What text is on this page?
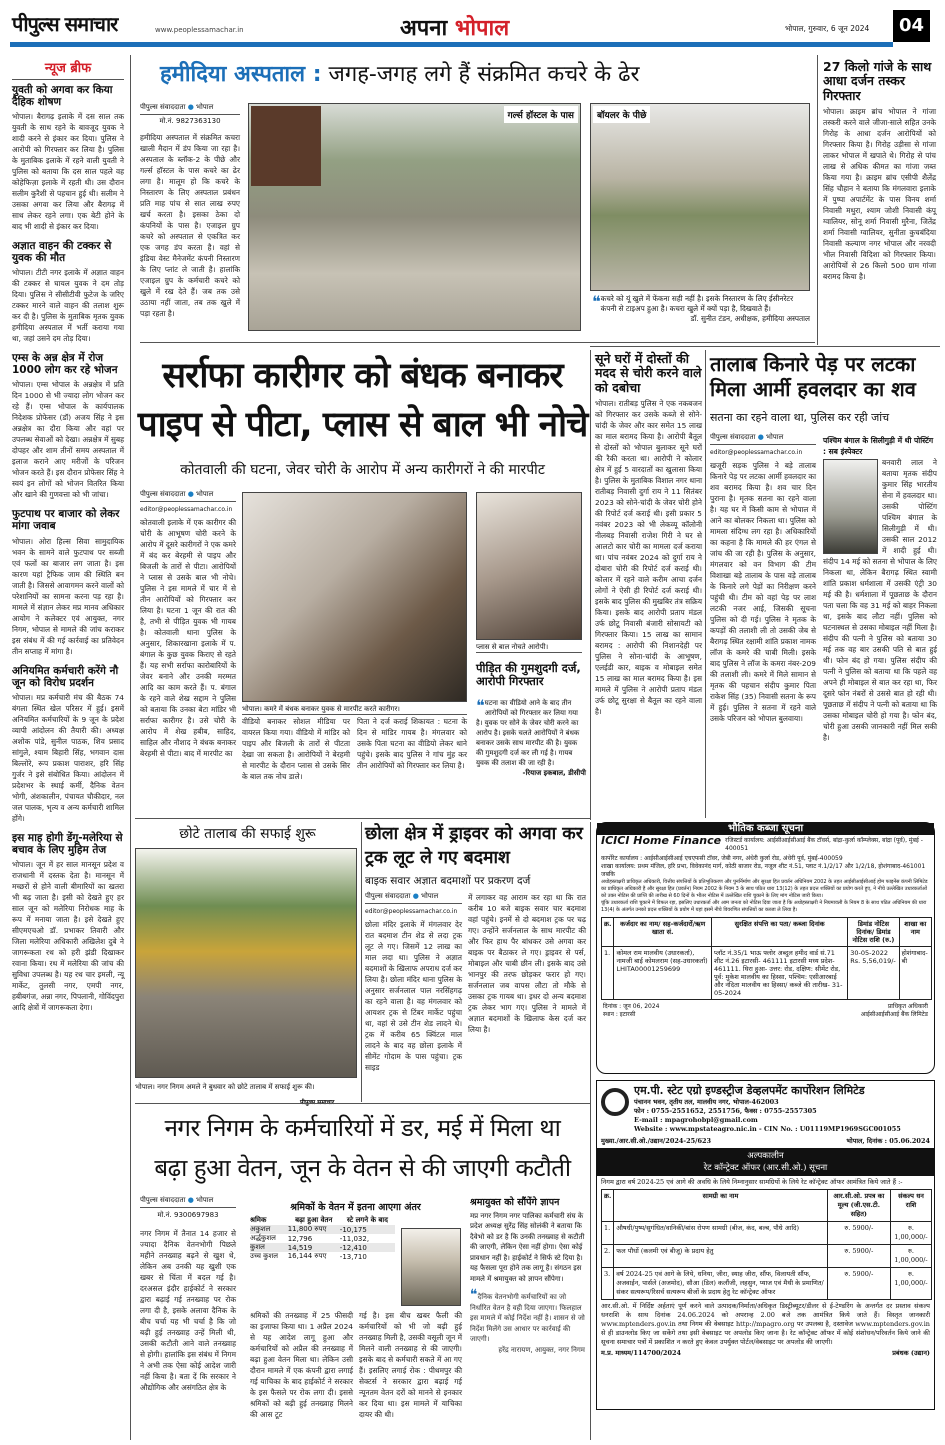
पीपुल्स समाचार	www.peoplessamachar.in	अपना भोपाल	भोपाल, गुरुवार, 6 जून 2024	04
न्यूज ब्रीफ
युवती को अगवा कर किया दैहिक शोषण
भोपाल। बैरागढ़ इलाके में दस साल तक युवती के साथ रहने के बावजूद युवक ने शादी करने से इंकार कर दिया। पुलिस ने आरोपी को गिरफ्तार कर लिया है। पुलिस के मुताबिक इलाके में रहने वाली युवती ने पुलिस को बताया कि दस साल पहले वह कोहेफिज़ा इलाके में रहती थी। उस दौरान सलीम कुरैशी से पहचान हुई थी। सलीम ने उसका अगवा कर लिया और बैरागढ़ में साथ लेकर रहने लगा। एक बेटी होने के बाद भी शादी से इंकार कर दिया।
अज्ञात वाहन की टक्कर से युवक की मौत
भोपाल। टीटी नगर इलाके में अज्ञात वाहन की टक्कर से घायल युवक ने दम तोड़ दिया। पुलिस ने सीसीटीवी फुटेज के जरिए टक्कर मारने वाले वाहन की तलाश शुरू कर दी है। पुलिस के मुताबिक मृतक युवक हमीदिया अस्पताल में भर्ती कराया गया था, जहां उसने दम तोड़ दिया।
एम्स के अन्न क्षेत्र में रोज 1000 लोग कर रहे भोजन
भोपाल। एम्स भोपाल के अन्नक्षेत्र में प्रति दिन 1000 से भी ज्यादा लोग भोजन कर रहे हैं। एम्स भोपाल के कार्यपालक निदेशक प्रोफेसर (डॉ) अजय सिंह ने इस अन्नक्षेत्र का दौरा किया और वहां पर उपलब्ध सेवाओं को देखा। अन्नक्षेत्र में सुबह दोपहर और शाम तीनों समय अस्पताल में इलाज कराने आए मरीजों के परिजन भोजन करते हैं। इस दौरान प्रोफेसर सिंह ने स्वयं इन लोगों को भोजन वितरित किया और खाने की गुणवत्ता को भी जांचा।
फुटपाथ पर बाजार को लेकर मांगा जवाब
भोपाल। ओरा हिल्स सिवा सामुदायिक भवन के सामने वाले फुटपाथ पर सब्जी एवं फलों का बाजार लग जाता है। इस कारण यहां ट्रैफिक जाम की स्थिति बन जाती है। जिससे आवागमन करने वालों को परेशानियों का सामना करना पड़ रहा है। मामले में संज्ञान लेकर मप्र मानव अधिकार आयोग ने कलेक्टर एवं आयुक्त, नगर निगम, भोपाल से मामले की जांच कराकर इस संबंध में की गई कार्रवाई का प्रतिवेदन तीन सप्ताह में मांगा है।
अनियमित कर्मचारी करेंगे नौ जून को विरोध प्रदर्शन
भोपाल। मप्र कर्मचारी मंच की बैठक 74 बंगला स्थित खेल परिसर में हुई। इसमें अनियमित कर्मचारियों के 9 जून के प्रदेश व्यापी आंदोलन की तैयारी की। अध्यक्ष अशोक पांडे, सुनील पाठक, शिव प्रसाद सांगुले, श्याम बिहारी सिंह, भगवान दास बिल्लोरे, रूप प्रकाश पाराशर, हरि सिंह गुर्जर ने इसे संबोधित किया। आंदोलन में प्रदेशभर के स्थाई कर्मी, दैनिक वेतन भोगी, अंशकालीन, पंचायत चौकीदार, नल जल पालक, भृत्य व अन्य कर्मचारी शामिल होंगे।
इस माह होगी डेंगू-मलेरिया से बचाव के लिए मुहिम तेज
भोपाल। जून में हर साल मानसून प्रदेश व राजधानी में दस्तक देता है। मानसून में मच्छरों से होने वाली बीमारियों का खतरा भी बढ़ जाता है। इसी को देखते हुए हर साल जून को मलेरिया निरोधक माह के रूप में मनाया जाता है। इसे देखते हुए सीएमएचओ डॉ. प्रभाकर तिवारी और जिला मलेरिया अधिकारी अखिलेश दुबे ने जागरूकता रथ को हरी झंडी दिखाकर रवाना किया। रथ में मलेरिया की जांच की सुविधा उपलब्ध है। यह रथ चार इमली, न्यू मार्केट, तुलसी नगर, एमपी नगर, हबीबगंज, अन्ना नगर, पिपलानी, गोविंदपुरा आदि क्षेत्रों में जागरूकता देगा।
हमीदिया अस्पताल : जगह-जगह लगे हैं संक्रमित कचरे के ढेर
पीपुल्स संवाददाता ● भोपाल
मो.नं. 9827363130
हमीदिया अस्पताल में संक्रमित कचरा खाली मैदान में डंप किया जा रहा है। अस्पताल के ब्लॉक-2 के पीछे और गर्ल्स हॉस्टल के पास कचरे का ढेर लगा है। मालूम हो कि कचरे के निस्तारण के लिए अस्पताल प्रबंधन प्रति माह पांच से सात लाख रुपए खर्च करता है। इसका ठेका दो कंपनियों के पास है। एजाइल ग्रुप कचरे को अस्पताल से एकत्रित कर एक जगह डंप करता है। वहां से इंडिया वेस्ट मैनेजमेंट कंपनी निस्तारण के लिए प्लांट ले जाती है। हालांकि एजाइल ग्रुप के कर्मचारी कचरे को खुले में रख देते हैं। जब तक उसे उठाया नहीं जाता, तब तक खुले में पड़ा रहता है।
गर्ल्स हॉस्टल के पास	बॉयलर के पीछे
❝ कचरे को यूं खुले में फेंकना सही नहीं है। इसके निस्तारण के लिए ईसीनरेटर कंपनी से टाइअप हुआ है। कचरा खुले में क्यों पड़ा है, दिखवाते हैं।
डॉ. सुनीत टंडन, अधीक्षक, हमीदिया अस्पताल
27 किलो गांजे के साथ आधा दर्जन तस्कर गिरफ्तार
भोपाल। क्राइम ब्रांच भोपाल ने गांजा तस्करी करने वाले जीजा-साले सहित उनके गिरोह के आधा दर्जन आरोपियों को गिरफ्तार किया है। गिरोह उड़ीसा से गांजा लाकर भोपाल में खपाते थे। गिरोह से पांच लाख से अधिक कीमत का गांजा जब्त किया गया है। क्राइम ब्रांच एसीपी शैलेंद्र सिंह चौहान ने बताया कि मंगलवारा इलाके में पुष्पा अपार्टमेंट के पास विनय शर्मा निवासी मथुरा, श्याम जोशी निवासी कंपू ग्वालियर, सोनू शर्मा निवासी मुरैना, जितेंद्र शर्मा निवासी ग्वालियर, सुनीता कुचबंदिया निवासी कल्याण नगर भोपाल और नरवदी भील निवासी विदिशा को गिरफ्तार किया। आरोपियों से 26 किलो 500 ग्राम गांजा बरामद किया है।
सर्राफा कारीगर को बंधक बनाकर
पाइप से पीटा, प्लास से बाल भी नोचे
कोतवाली की घटना, जेवर चोरी के आरोप में अन्य कारीगरों ने की मारपीट
पीपुल्स संवाददाता ● भोपाल
editor@peoplessamachar.co.in
कोतवाली इलाके में एक कारीगर की चोरी के आभूषण चोरी करने के आरोप में दूसरे कारीगरों ने एक कमरे में बंद कर बेरहमी से पाइप और बिजली के तारों से पीटा। आरोपियों ने प्लास से उसके बाल भी नोचे। पुलिस ने इस मामले में चार में से तीन आरोपियों को गिरफ्तार कर लिया है। घटना 1 जून की रात की है, तभी से पीड़ित युवक भी गायब है। कोतवाली थाना पुलिस के अनुसार, शिकारखाना इलाके में प. बंगाल के कुछ युवक किराए से रहते हैं। यह सभी सर्राफा कारोबारियों के जेवर बनाने और उनकी मरम्मत आदि का काम करते हैं। प. बंगाल के रहने वाले शेख सद्दाम ने पुलिस को बताया कि उनका बेटा मांडिर भी सर्राफा कारीगर है। उसे चोरी के आरोप में शेख हबीब, साहिद, साहिल और नौशाद ने बंधक बनाकर बेरहमी से पीटा। बाद में मारपीट का
भोपाल। कमरे में बंधक बनाकर युवक से मारपीट करते कारीगर।
वीडियो बनाकर सोशल मीडिया पर वायरल किया गया। वीडियो में मांडिर को पाइप और बिजली के तारों से पीटता देखा जा सकता है। आरोपियों ने बेरहमी से मारपीट के दौरान प्लास से उसके सिर के बाल तक नोच डाले।
पिता ने दर्ज कराई शिकायत : घटना के दिन से मांडिर गायब है। मंगलवार को उसके पिता घटना का वीडियो लेकर थाने पहुंचे। इसके बाद पुलिस ने गांच मुंह कर तीन आरोपियों को गिरफ्तार कर लिया है।
प्लास से बाल नोचते आरोपी।
पीड़ित की गुमशुदगी दर्ज, आरोपी गिरफ्तार
❝ घटना का वीडियो आने के बाद तीन आरोपियों को गिरफ्तार कर लिया गया है। युवक पर सोने के जेवर चोरी करने का आरोप है। इसके चलते आरोपियों ने बंधक बनाकर उसके साथ मारपीट की है। युवक की गुमशुदगी दर्ज कर ली गई है। गायब युवक की तलाश की जा रही है।
-रियाज इकबाल, डीसीपी
सूने घरों में दोस्तों की मदद से चोरी करने वाले को दबोचा
भोपाल। रातीबड़ पुलिस ने एक नकबजन को गिरफ्तार कर उसके कब्जे से सोने-चांदी के जेवर और कार समेत 15 लाख का माल बरामद किया है। आरोपी बैतूल से दोस्तों को भोपाल बुलाकर सूने घरों की रैकी करता था। आरोपी ने कोलार क्षेत्र में हुई 5 वारदातों का खुलासा किया है। पुलिस के मुताबिक विशाल नगर थाना रातीबड़ निवासी दुर्गा राय ने 11 सितंबर 2023 को सोने-चांदी के जेवर चोरी होने की रिपोर्ट दर्ज कराई थी। इसी प्रकार 5 नवंबर 2023 को भी लेकव्यू कॉलोनी नीलबड़ निवासी राजेश गिरी ने घर से आलटो कार चोरी का मामला दर्ज कराया था। पांच नवंबर 2024 को दुर्गा राय ने दोबारा चोरी की रिपोर्ट दर्ज कराई थी। कोलार में रहने वाले करीम आचा दर्जन लोगों ने ऐसी ही रिपोर्ट दर्ज कराई थी। इसके बाद पुलिस की मुखबिर तंत्र सक्रिय किया। इसके बाद आरोपी प्रताप मंडल उर्फ छोटू निवासी बंजारी सोसायटी को गिरफ्तार किया। 15 लाख का सामान बरामद : आरोपी की निशानदेही पर पुलिस ने सोना-चांदी के आभूषण, एलईडी कार, बाइक व मोबाइल समेत 15 लाख का माल बरामद किया है। इस मामले में पुलिस ने आरोपी प्रताप मंडल उर्फ छोटू सुरक्षा से बैतूल का रहने वाला है।
तालाब किनारे पेड़ पर लटका मिला आर्मी हवलदार का शव
सतना का रहने वाला था, पुलिस कर रही जांच
पीपुल्स संवाददाता ● भोपाल
editor@peoplessamachar.co.in
खजूरी सड़क पुलिस ने बड़े तालाब किनारे पेड़ पर लटका आर्मी हवलदार का शव बरामद किया है। शव चार दिन पुराना है। मृतक सतना का रहने वाला है। यह घर में किसी काम से भोपाल में आने का बोलकर निकला था। पुलिस को मामला संदिग्ध लग रहा है। अधिकारियों का कहना है कि मामले की हर एंगल से जांच की जा रही है। पुलिस के अनुसार, मंगलवार को वन विभाग की टीम विशाखा बड़े तालाब के पास वड़े तालाब के किनारे लगे पेड़ों का निरीक्षण करने पहुंची थी। टीम को वहां पेड़ पर लाश लटकी नजर आई, जिसकी सूचना पुलिस को दी गई। पुलिस ने मृतक के कपड़ों की तलाशी ली तो उसकी जेब से बैरागढ़ स्थित रक्षामी शांति प्रकाश नामक लॉज के कमरे की चाबी मिली। इसके बाद पुलिस ने लॉज के कमरा नंबर-209 की तलाशी ली। कमरे में मिले सामान से मृतक की पहचान संदीप कुमार पिता राकेश सिंह (35) निवासी सतना के रूप में हुई। पुलिस ने सतना में रहने वाले उसके परिजन को भोपाल बुलवाया।
पश्चिम बंगाल के सिलीगुड़ी में थी पोस्टिंग : सब इंस्पेक्टर
बनवारी लाल ने बताया मृतक संदीप कुमार सिंह भारतीय सेना में हवलदार था। उसकी पोस्टिंग पश्चिम बंगाल के सिलीगुड़ी में थी। उसकी साल 2012 में शादी हुई थी। संदीप 14 मई को सतना से भोपाल के लिए निकला था, लेकिन बैरागढ़ स्थित स्वामी शांति प्रकाश धर्मशाला में उसकी एंट्री 30 मई की है। धर्मशाला में पूछताछ के दौरान पता चला कि वह 31 मई को बाहर निकला था, इसके बाद लौटा नहीं। पुलिस को घटनास्थल से उसका मोबाइल नहीं मिला है। संदीप की पत्नी ने पुलिस को बताया 30 मई तक वह बार उसकी पति से बात हुई थी। फोन बंद हो गया। पुलिस संदीप की पत्नी ने पुलिस को बताया था कि पहले वह अपने ही मोबाइल से बात कर रहा था, फिर दूसरे फोन नंबरों से उससे बात हो रही थी। पूछताछ में संदीप ने पत्नी को बताया था कि उसका मोबाइल चोरी हो गया है। फोन बंद, चोरी हुआ उसकी जानकारी नहीं मिल सकी है।
छोटे तालाब की सफाई शुरू
भोपाल। नगर निगम अमले ने बुधवार को छोटे तालाब में सफाई शुरू की।
छोला क्षेत्र में ड्राइवर को अगवा कर ट्रक लूट ले गए बदमाश
बाइक सवार अज्ञात बदमाशों पर प्रकरण दर्ज
पीपुल्स संवाददाता ● भोपाल
editor@peoplessamachar.co.in
छोला मंदिर इलाके में मंगलवार देर रात बदमाश टीन शेड से लदा ट्रक लूट ले गए। जिसमें 12 लाख का माल लदा था। पुलिस ने अज्ञात बदमाशों के खिलाफ अपराध दर्ज कर लिया है। छोला मंदिर थाना पुलिस के अनुसार सर्जनलाल पाल नरसिंहगढ़ का रहने वाला है। वह मंगलवार को आयशर ट्रक से टिंबर मार्केट पहुंचा था, वहां से उसे टीन शेड लादने थे। ट्रक में करीब 65 क्विंटल माल लादने के बाद वह छोला इलाके में सीमेंट गोदाम के पास पहुंचा। ट्रक साइड
में लगाकर वह आराम कर रहा था कि रात करीब 10 बजे बाइक सवार चार बदमाश वहां पहुंचे। इनमें से दो बदमाश ट्रक पर चढ़ गए। उन्होंने सर्जनलाल के साथ मारपीट की और फिर हाथ पैर बांधकर उसे अगवा कर बाइक पर बैठाकर ले गए। ड्राइवर से पर्स, मोबाइल और चाबी छीन ली। इसके बाद उसे भानपुर की तरफ छोड़कर फरार हो गए। सर्जनलाल जब वापस लौटा तो मौके से उसका ट्रक गायब था। इधर दो अन्य बदमाश ट्रक लेकर भाग गए। पुलिस ने मामले में अज्ञात बदमाशों के खिलाफ केस दर्ज कर लिया है।
नगर निगम के कर्मचारियों में डर, मई में मिला था
बढ़ा हुआ वेतन, जून के वेतन से की जाएगी कटौती
पीपुल्स संवाददाता ● भोपाल
मो.नं. 9300697983
नगर निगम में तैनात 14 हजार से ज्यादा दैनिक वेतनभोगी पिछले महीने तनख्वाह बढ़ने से खुश थे, लेकिन अब उनकी यह खुशी एक खबर से चिंता में बदल गई है। दरअसल इंदौर हाईकोर्ट ने सरकार द्वारा बढ़ाई गई तनख्वाह पर रोक लगा दी है, इसके अलावा दैनिक के बीच चर्चा यह भी चर्चा है कि जो बढ़ी हुई तनख्वाह उन्हें मिली थी, उसकी कटौती आने वाले तनख्वाह से होगी। हालांकि इस संबंध में निगम ने अभी तक ऐसा कोई आदेश जारी नहीं किया है। बता दें कि सरकार ने औद्योगिक और असंगठित क्षेत्र के
श्रमिकों के वेतन में इतना आएगा अंतर
श्रमिक	बढ़ा हुआ वेतन	स्टे लगने के बाद
अकुशल	11,800 रुपए	-10,175
अर्द्धकुशल	12,796	-11,032,
कुशल	14,519	-12,410
उच्च कुशल	16,144 रुपए	-13,710
श्रमिकों की तनख्वाह में 25 फीसदी का इजाफा किया था। 1 अप्रैल 2024 से यह आदेश लागू हुआ और कर्मचारियों को अप्रैल की तनख्वाह में बढ़ा हुआ वेतन मिला था। लेकिन उसी दौरान मामले में एक कंपनी द्वारा लगाई गई याचिका के बाद हाईकोर्ट ने सरकार के इस फैसले पर रोक लगा दी। इससे श्रमिकों को बढ़ी हुई तनख्वाह मिलने की आस टूट
गई है। इस बीच खबर फैली की कर्मचारियों को भी जो बढ़ी हुई तनख्वाह मिली है, उसकी वसूली जून में मिलने वाली तनख्वाह से की जाएगी। इसके बाद से कर्मचारी सकते में आ गए हैं। इसलिए लगाई रोक : पीथमपुर की सेक्टर्स ने सरकार द्वारा बढ़ाई गई न्यूनतम वेतन दरों को मानने से इनकार कर दिया था। इस मामले में याचिका दायर की थी।
श्रमायुक्त को सौंपेंगे ज्ञापन
मप्र नगर निगम नगर पालिका कर्मचारी संघ के प्रदेश अध्यक्ष सुरेंद्र सिंह सोलंकी ने बताया कि दैवेभो को डर है कि उनकी तनख्वाह से कटौती की जाएगी, लेकिन ऐसा नहीं होगा। ऐसा कोई प्रावधान नहीं है। हाईकोर्ट ने सिर्फ स्टे दिया है। यह फैसला पूरा होने तक लागू है। संगठन इस मामले में श्रमायुक्त को ज्ञापन सौंपेगा।
❝दैनिक वेतनभोगी कर्मचारियों का जो निर्धारित वेतन है वही दिया जाएगा। फिलहाल इस मामले में कोई निर्देश नहीं है। शासन से जो निर्देश मिलेंगे उस आधार पर कार्रवाई की जाएगी।
हरेंद्र नारायण, आयुक्त, नगर निगम
भौतिक कब्जा सूचना
ICICI Home Finance रजिस्टर्ड कार्यालय: आईसीआईसीआई बैंक टॉवर्स, बांद्रा-कुर्ला कॉम्प्लेक्स, बांद्रा (पूर्व), मुंबई - 400051
कार्पोरेट कार्यालय : आईसीआईसीआई एचएफसी टॉवर, जेबी नगर, अंधेरी कुर्ला रोड, अंधेरी पूर्व, मुंबई-400059
शाखा कार्यालय: प्रथम मंजिल, हरि प्रभा, विवेकानंद मार्ग, कोठी बाजार रोड, नजूल शीट नं.51, प्लाट नं.1/2/17 और 1/2/18, होशंगाबाद-461001
जबकि
अधोहस्ताक्षरी प्राधिकृत अधिकारी, वित्तीय संपत्तियों के प्रतिभूतिकरण और पुनर्निर्माण और सुरक्षा हित प्रवर्तन अधिनियम 2002 के तहत आईसीआईसीआई होम फाइनेंस कंपनी लिमिटेड का प्राधिकृत अधिकारी है और सुरक्षा हित (प्रवर्तन) नियम 2002 के नियम 3 के साथ पठित धारा 13(12) के तहत प्रदत्त शक्तियों का प्रयोग करते हुए, ने नीचे उल्लेखित उधारकर्ताओं को उक्त नोटिस की प्राप्ति की तारीख से 60 दिनों के भीतर नोटिस में उल्लेखित राशि चुकाने के लिए मांग नोटिस जारी किया।
चूंकि उधारकर्ता राशि चुकाने में विफल रहा, इसलिए उधारकर्ता और आम जनता को नोटिस दिया जाता है कि अधोहस्ताक्षरी ने नियमावली के नियम 8 के साथ पठित अधिनियम की धारा 13(4) के अंतर्गत उनको प्रदत्त शक्तियों के प्रयोग में यहां इसमें नीचे विवरणित संपत्तियों का कब्जा ले लिया है।
क्र.	कर्जदार का नाम/ सह-कर्जदारों/ऋण खाता सं.	सुरक्षित संपत्ति का पता/ कब्जा दिनांक	डिमांड नोटिस दिनांक/ डिमांड नोटिस राशि (रु.)	शाखा का नाम
1.	कोमल राम मालवीय (उधारकर्ता), नामजी बाई कोमलराम (सह-उधारकर्ता) LHITA00001259699	प्लॉट नं.35/1 भाऊ फ्लोर अब्दुल हमीद वार्ड सं.71 शीट नं.26 इटारसी- 461111 इटारसी मध्य प्रदेश- 461111. घिरा हुआ- उत्तर: रोड, दक्षिण: सीमेंट रोड, पूर्व: मुकेश मालवीय का हिस्सा, पश्चिम: एसीआरबाई और नंदिता मालवीय का हिस्सा/ कब्जे की तारीख- 31-05-2024	30-05-2022 Rs. 5,56,019/-	होशंगाबाद-बी
दिनांक : जून 06, 2024
स्थान : इटारसी
प्राधिकृत अधिकारी
आईसीआईसीआई बैंक लिमिटेड
एम.पी. स्टेट एग्रो इण्डस्ट्रीज डेव्हलपमेंट कार्पोरेशन लिमिटेड
पंचानन भवन, तृतीय तल, मालवीय नगर, भोपाल-462003
फोन : 0755-2551652, 2551756, फैक्स : 0755-2557305
E-mail : mpagrohobpl@gmail.com
Website : www.mpstateagro.nic.in - CIN No. : U01119MP1969SGC001055
मुख्या./आर.सी.ओ./उद्यान/2024-25/623	भोपाल, दिनांक : 05.06.2024
अल्पकालीन
रेट कॉन्ट्रेक्ट ऑफर (आर.सी.ओ.) सूचना
निगम द्वारा वर्ष 2024-25 एवं आगे की अवधि के लिये निम्नानुसार सामग्रियों के लिये रेट कॉन्ट्रेक्ट ऑफर आमंत्रित किये जाते हैं :-
क्र.	सामग्री का नाम	आर.सी.ओ. प्रपत्र का मूल्य (जी.एस.टी. सहित)	संकल्प धन राशि
1.	औषधी/पुष्प/सुगंधित/वानिकी/बांस रोपण सामग्री (बीज, कंद, बल्ब, पौधे आदि)	रु. 5900/-	रु. 1,00,000/-
2.	फल पौधों (कलमी एवं बीजू) के प्रदाय हेतु	रु. 5900/-	रु. 1,00,000/-
3.	वर्ष 2024-25 एवं आगे के लिये, धनिया, जीरा, स्याह जीरा, सौंफ, विलायती सौंफ, अजवाईन, पार्सले (अजमोद), सौआ (डिल) कलौंजी, लहसुन, प्याज एवं मैथी के प्रमाणित/संकर सत्यरूप/रिसर्च सत्यरूप बीजों के प्रदाय हेतु रेट कॉन्ट्रेक्ट ऑफर	रु. 5900/-	रु. 1,00,000/-
आर.सी.ओ. में निर्दिष्ट अर्हताएं पूर्ण करने वाले उत्पादक/निर्माता/अधिकृत डिस्ट्रीब्यूटर/डीलर से ई-टेण्डरिंग के अन्तर्गत दर प्रस्ताव संकल्प धनराशि के साथ दिनांक 24.06.2024 को अपरान्ह 2.00 बजे तक आमंत्रित किये जाते हैं। विस्तृत जानकारी www.mptenders.gov.in तथा निगम की वेबसाइट http://mpagro.org पर उपलब्ध है, दस्तावेज www.mptenders.gov.in से ही डाउनलोड किए जा सकेंगे तथा इसी वेबसाइट पर अपलोड किए जाना है। रेट कॉन्ट्रेक्ट ऑफर में कोई संशोधन/परिवर्तन किये जाने की सूचना समाचार पत्रों में प्रकाशित न करते हुए केवल उपर्युक्त पोर्टल/वेबसाइट पर अपलोड की जाएगी।
म.प्र. माध्यम/114700/2024	प्रबंधक (उद्यान)
